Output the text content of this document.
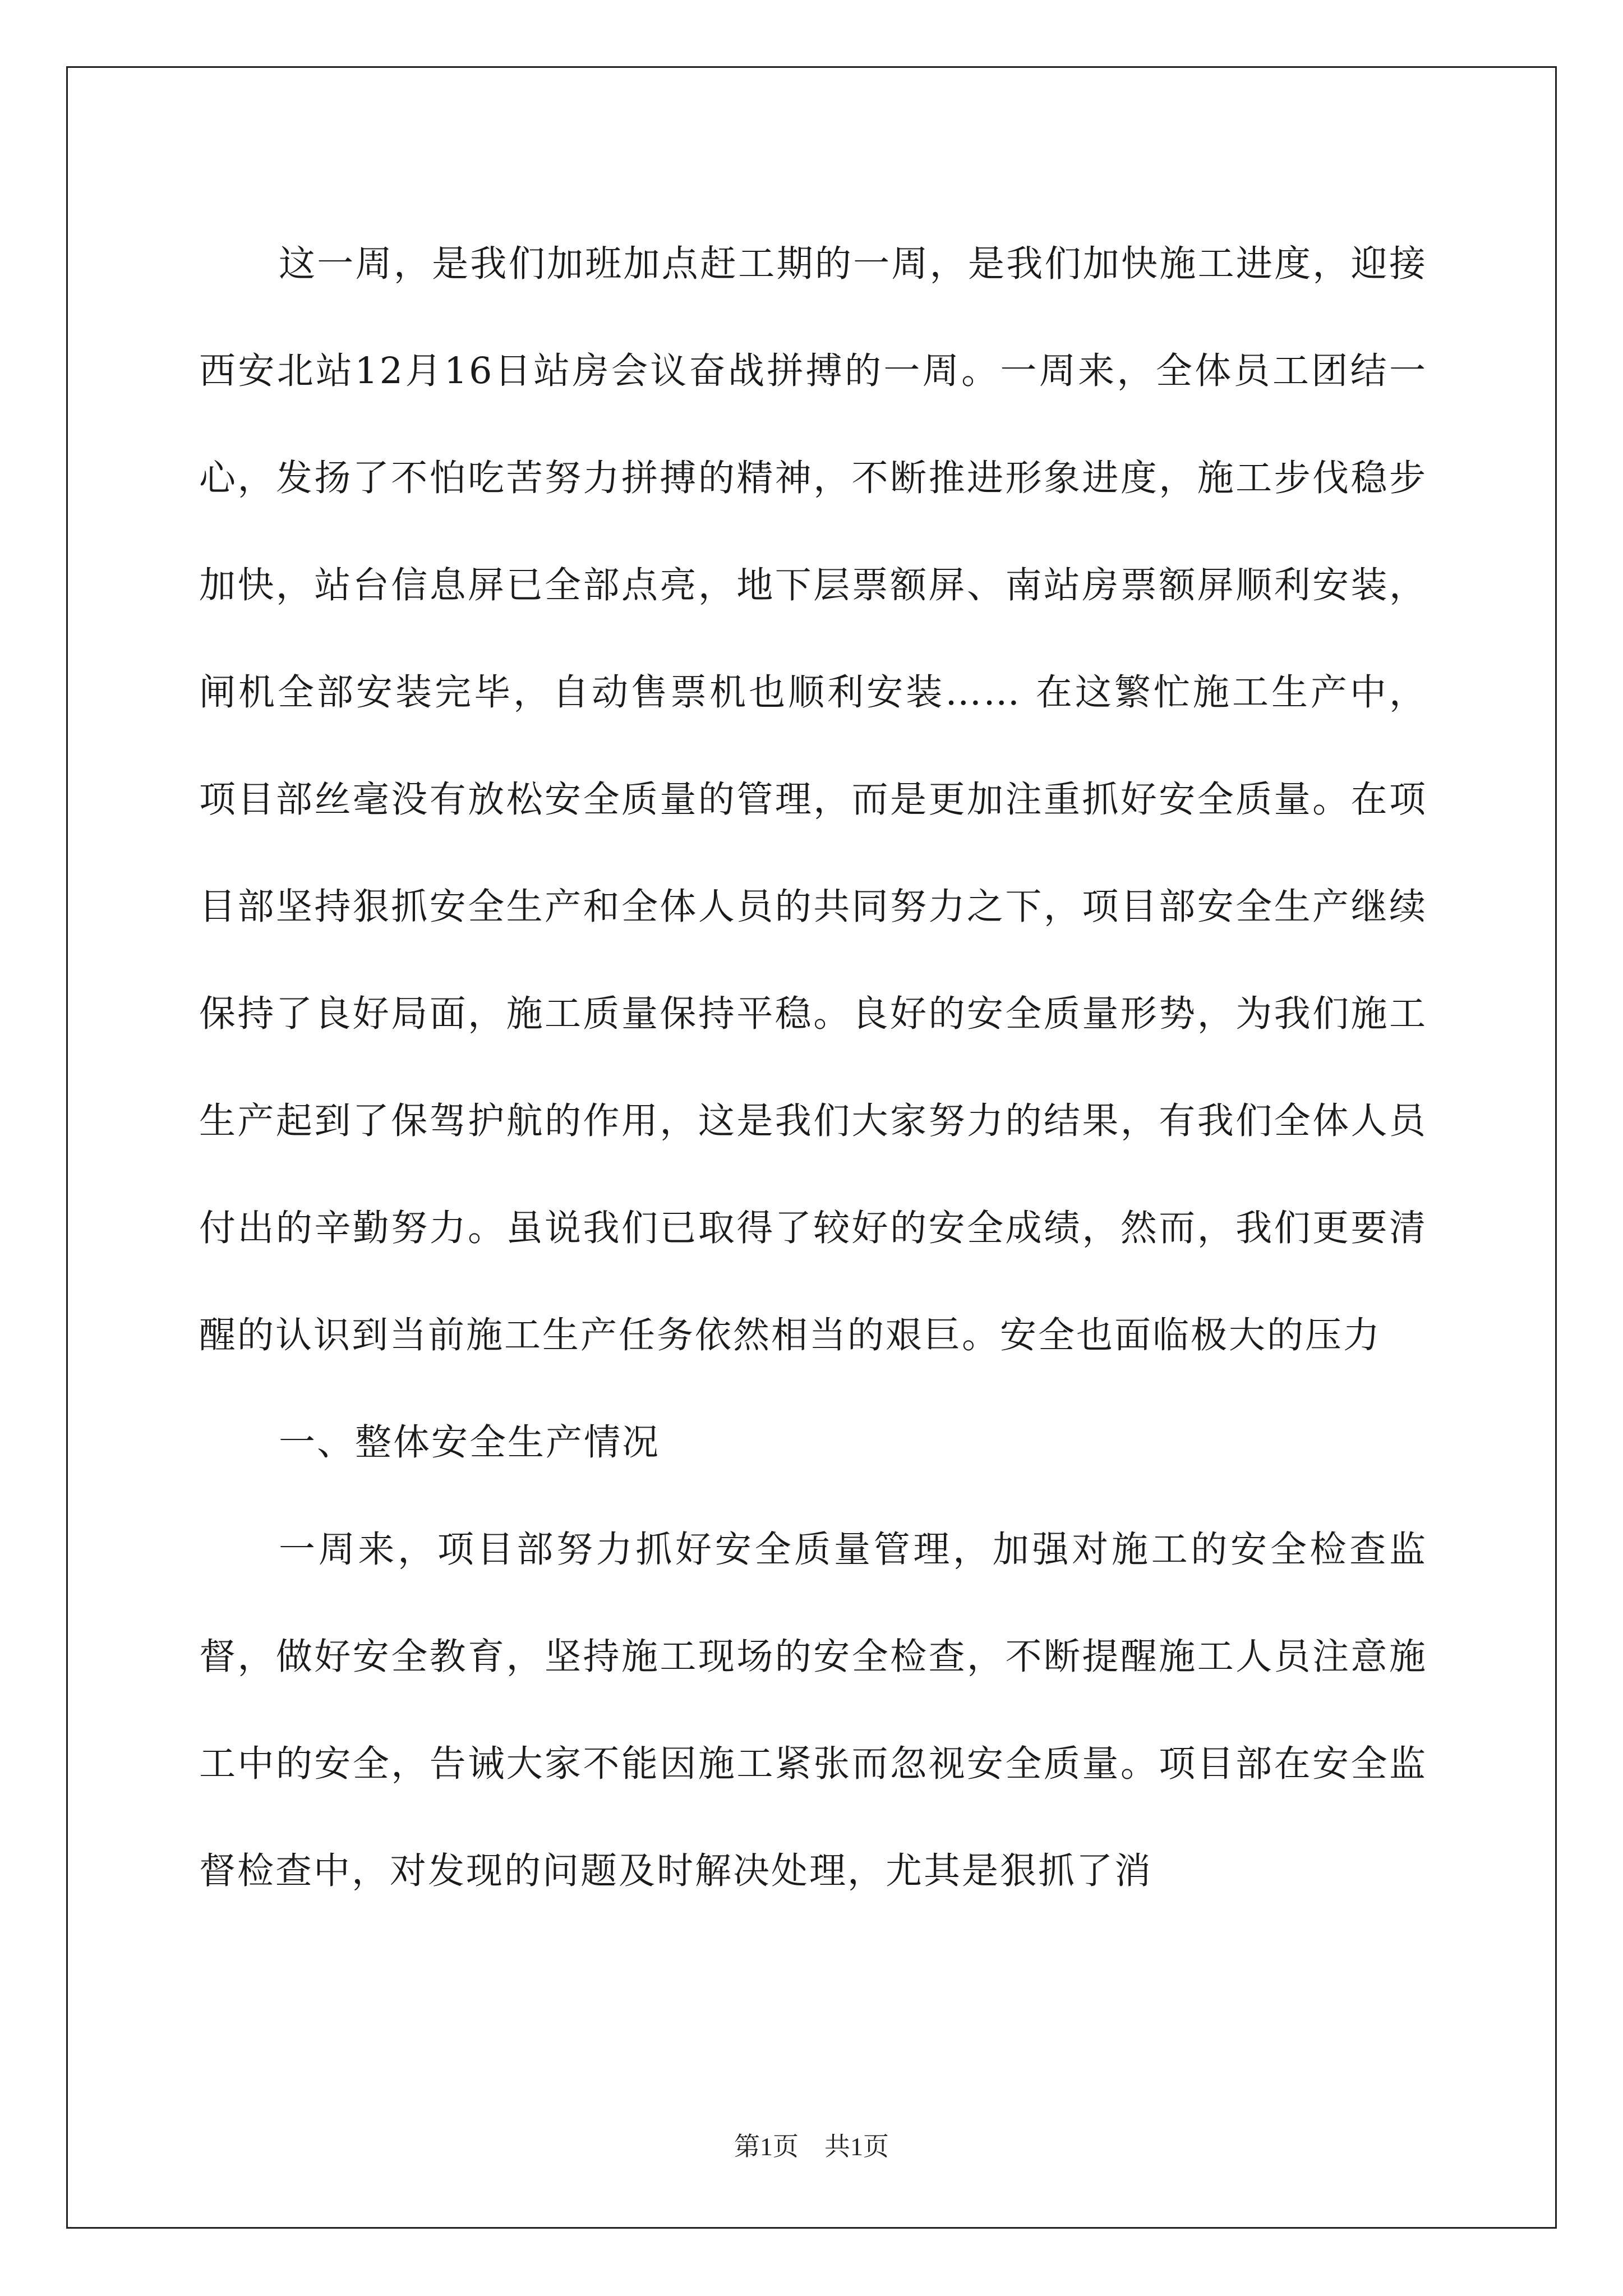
这一周，是我们加班加点赶工期的一周，是我们加快施工进度，迎接西安北站12月16日站房会议奋战拼搏的一周。一周来，全体员工团结一心，发扬了不怕吃苦努力拼搏的精神，不断推进形象进度，施工步伐稳步加快，站台信息屏已全部点亮，地下层票额屏、南站房票额屏顺利安装，闸机全部安装完毕，自动售票机也顺利安装…… 在这繁忙施工生产中，项目部丝毫没有放松安全质量的管理，而是更加注重抓好安全质量。在项目部坚持狠抓安全生产和全体人员的共同努力之下，项目部安全生产继续保持了良好局面，施工质量保持平稳。良好的安全质量形势，为我们施工生产起到了保驾护航的作用，这是我们大家努力的结果，有我们全体人员付出的辛勤努力。虽说我们已取得了较好的安全成绩，然而，我们更要清醒的认识到当前施工生产任务依然相当的艰巨。安全也面临极大的压力

一、整体安全生产情况

一周来，项目部努力抓好安全质量管理，加强对施工的安全检查监督，做好安全教育，坚持施工现场的安全检查，不断提醒施工人员注意施工中的安全，告诫大家不能因施工紧张而忽视安全质量。项目部在安全监督检查中，对发现的问题及时解决处理，尤其是狠抓了消

第1页 共1页
